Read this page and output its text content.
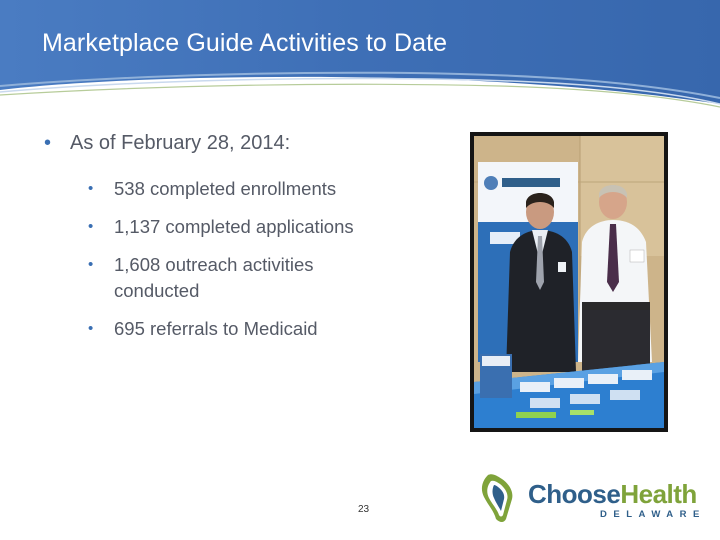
Marketplace Guide Activities to Date
• As of February 28, 2014:
•	538 completed enrollments
•	1,137 completed applications
•	1,608 outreach activities conducted
•	695 referrals to Medicaid
23
ChooseHealth
DELAWARE
